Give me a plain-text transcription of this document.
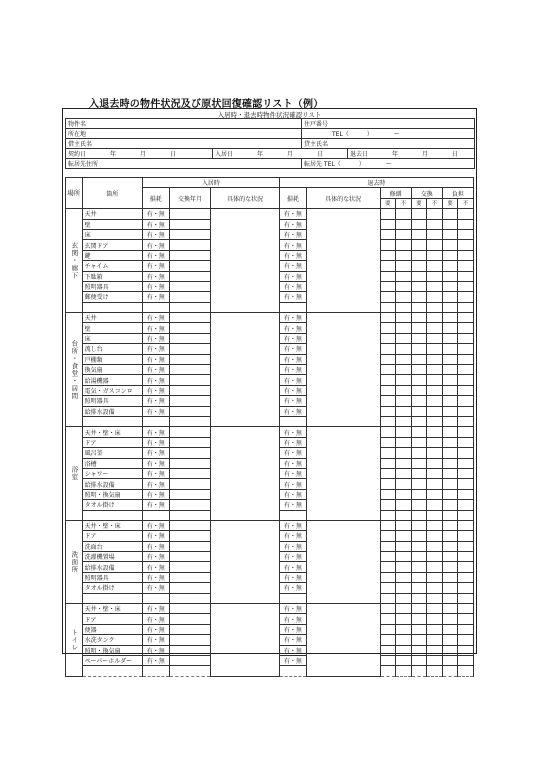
入退去時の物件状況及び原状回復確認リスト（例）
入居時・退去時物件状況確認リスト
物件名		住戸番号	
所在地		TEL（　　　）　　　　ー	
借主氏名		貸主氏名	
契約日　　　　年　　　　月　　　　日	入居日　　　　年　　　　月　　　　日		退去日　　　　年　　　　月　　　　日
転居先住所		転居先 TEL（　　　）　　　　ー	
場所	箇所	入居時			退去時							
		損耗	交換年月	具体的な状況	損耗	具体的な状況	修繕		交換		負担	
							要	不	要	不	要	不
玄関・廊下	天井	有・無			有・無							
	壁	有・無			有・無							
	床	有・無			有・無							
	玄関ドア	有・無			有・無							
	鍵	有・無			有・無							
	チャイム	有・無			有・無							
	下駄箱	有・無			有・無							
	照明器具	有・無			有・無							
	郵便受け	有・無			有・無							

台所・食堂・居間	天井	有・無			有・無							
	壁	有・無			有・無							
	床	有・無			有・無							
	流し台	有・無			有・無							
	戸棚類	有・無			有・無							
	換気扇	有・無			有・無							
	給湯機器	有・無			有・無							
	電気・ガスコンロ	有・無			有・無							
	照明器具	有・無			有・無							
	給排水設備	有・無			有・無							

浴室	天井・壁・床	有・無			有・無							
	ドア	有・無			有・無							
	風呂釜	有・無			有・無							
	浴槽	有・無			有・無							
	シャワー	有・無			有・無							
	給排水設備	有・無			有・無							
	照明・換気扇	有・無			有・無							
	タオル掛け	有・無			有・無							

洗面所	天井・壁・床	有・無			有・無							
	ドア	有・無			有・無							
	洗面台	有・無			有・無							
	洗濯機置場	有・無			有・無							
	給排水設備	有・無			有・無							
	照明器具	有・無			有・無							
	タオル掛け	有・無			有・無							

トイレ	天井・壁・床	有・無			有・無							
	ドア	有・無			有・無							
	便器	有・無			有・無							
	水洗タンク	有・無			有・無							
	照明・換気扇	有・無			有・無							
	ペーパーホルダー	有・無			有・無							
